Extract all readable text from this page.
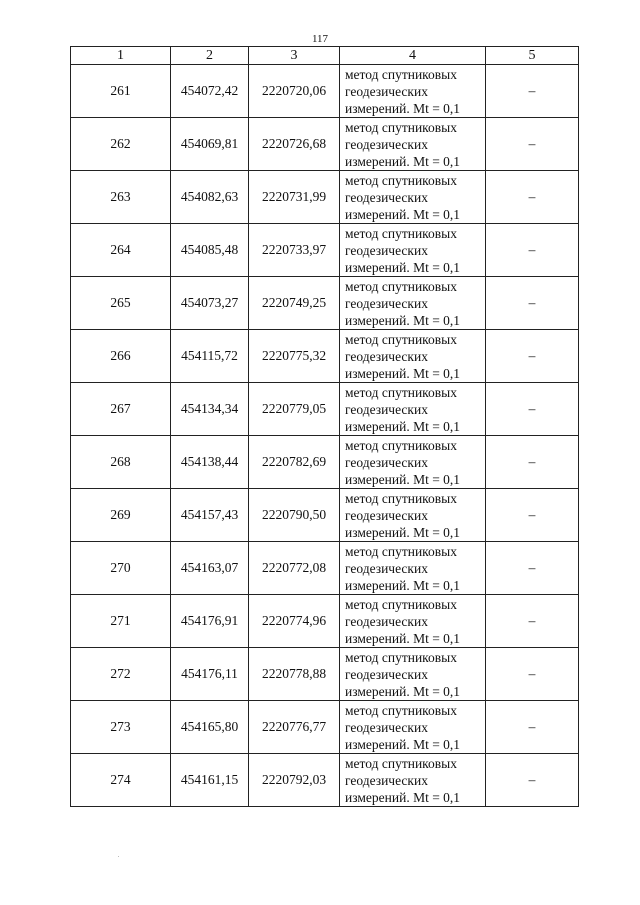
117
1	2	3	4	5
261	454072,42	2220720,06	метод спутниковых
геодезических
измерений. Mt = 0,1	–
262	454069,81	2220726,68	метод спутниковых
геодезических
измерений. Mt = 0,1	–
263	454082,63	2220731,99	метод спутниковых
геодезических
измерений. Mt = 0,1	–
264	454085,48	2220733,97	метод спутниковых
геодезических
измерений. Mt = 0,1	–
265	454073,27	2220749,25	метод спутниковых
геодезических
измерений. Mt = 0,1	–
266	454115,72	2220775,32	метод спутниковых
геодезических
измерений. Mt = 0,1	–
267	454134,34	2220779,05	метод спутниковых
геодезических
измерений. Mt = 0,1	–
268	454138,44	2220782,69	метод спутниковых
геодезических
измерений. Mt = 0,1	–
269	454157,43	2220790,50	метод спутниковых
геодезических
измерений. Mt = 0,1	–
270	454163,07	2220772,08	метод спутниковых
геодезических
измерений. Mt = 0,1	–
271	454176,91	2220774,96	метод спутниковых
геодезических
измерений. Mt = 0,1	–
272	454176,11	2220778,88	метод спутниковых
геодезических
измерений. Mt = 0,1	–
273	454165,80	2220776,77	метод спутниковых
геодезических
измерений. Mt = 0,1	–
274	454161,15	2220792,03	метод спутниковых
геодезических
измерений. Mt = 0,1	–
